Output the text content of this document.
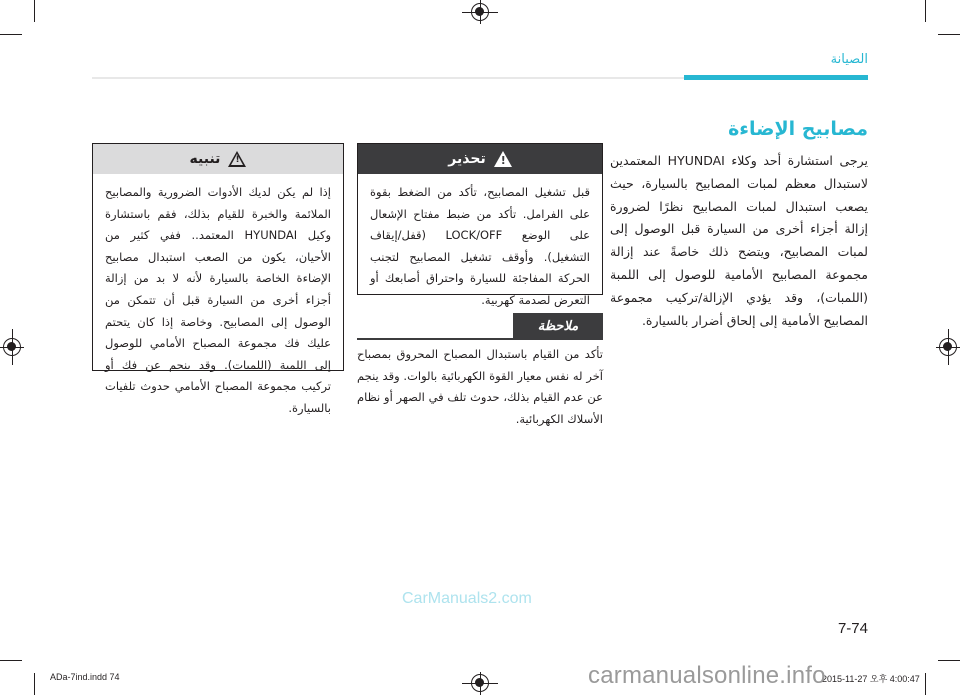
الصيانة
مصابيح الإضاءة
يرجى استشارة أحد وكلاء HYUNDAI المعتمدين لاستبدال معظم لمبات المصابيح بالسيارة، حيث يصعب استبدال لمبات المصابيح نظرًا لضرورة إزالة أجزاء أخرى من السيارة قبل الوصول إلى لمبات المصابيح، ويتضح ذلك خاصةً عند إزالة مجموعة المصابيح الأمامية للوصول إلى اللمبة (اللمبات)، وقد يؤدي الإزالة/تركيب مجموعة المصابيح الأمامية إلى إلحاق أضرار بالسيارة.
!
تحذير
قبل تشغيل المصابيح، تأكد من الضغط بقوة على الفرامل. تأكد من ضبط مفتاح الإشعال على الوضع LOCK/OFF (قفل/إيقاف التشغيل). وأوقف تشغيل المصابيح لتجنب الحركة المفاجئة للسيارة واحتراق أصابعك أو التعرض لصدمة كهربية.
ملاحظة
تأكد من القيام باستبدال المصباح المحروق بمصباح آخر له نفس معيار القوة الكهربائية بالوات. وقد ينجم عن عدم القيام بذلك، حدوث تلف في الصهر أو نظام الأسلاك الكهربائية.
!
تنبيه
إذا لم يكن لديك الأدوات الضرورية والمصابيح الملائمة والخبرة للقيام بذلك، فقم باستشارة وكيل HYUNDAI المعتمد.. ففي كثير من الأحيان، يكون من الصعب استبدال مصابيح الإضاءة الخاصة بالسيارة لأنه لا بد من إزالة أجزاء أخرى من السيارة قبل أن تتمكن من الوصول إلى المصابيح. وخاصة إذا كان يتحتم عليك فك مجموعة المصباح الأمامي للوصول إلى اللمبة (اللمبات). وقد ينجم عن فك أو تركيب مجموعة المصباح الأمامي حدوث تلفيات بالسيارة.
CarManuals2.com
7-74
ADa-7ind.indd 74	2015-11-27 오후 4:00:47
carmanualsonline.info
